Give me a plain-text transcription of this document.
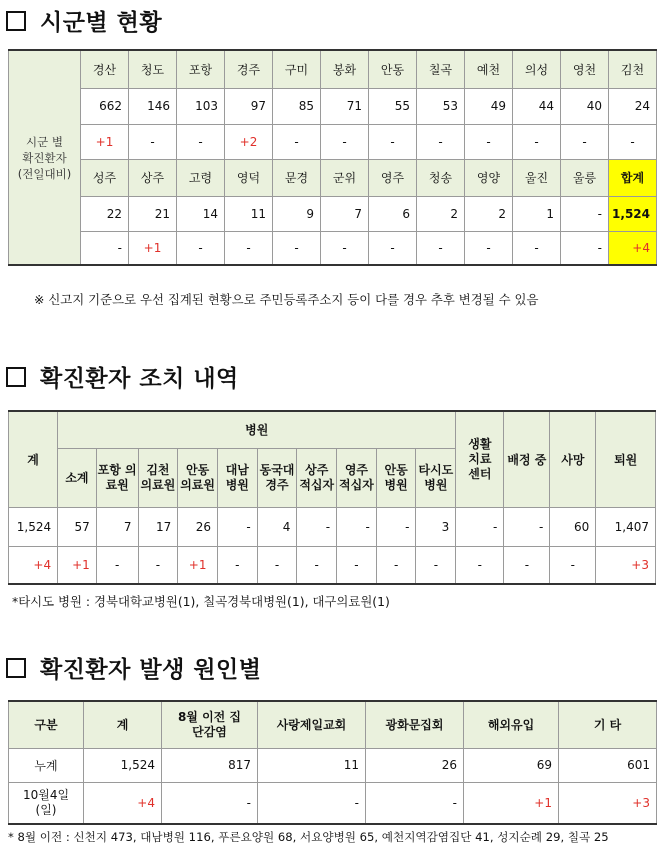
시군별 현황
시군 별
확진환자
(전일대비)	경산	청도	포항	경주	구미	봉화	안동	칠곡	예천	의성	영천	김천
	662	146	103	97	85	71	55	53	49	44	40	24
	+1	-	-	+2	-	-	-	-	-	-	-	-
	성주	상주	고령	영덕	문경	군위	영주	청송	영양	울진	울릉	합계
	22	21	14	11	9	7	6	2	2	1	-	1,524
	-	+1	-	-	-	-	-	-	-	-	-	+4
※ 신고지 기준으로 우선 집계된 현황으로 주민등록주소지 등이 다를 경우 추후 변경될 수 있음
확진환자 조치 내역
계	병원										생활 치료 센터	배정 중	사망	퇴원
	소계	포항 의료원	김천 의료원	안동 의료원	대남 병원	동국대 경주	상주 적십자	영주 적십자	안동 병원	타시도 병원				
1,524	57	7	17	26	-	4	-	-	-	3	-	-	60	1,407
+4	+1	-	-	+1	-	-	-	-	-	-	-	-	-	+3
*타시도 병원 : 경북대학교병원(1), 칠곡경북대병원(1), 대구의료원(1)
확진환자 발생 원인별
구분	계	8월 이전 집단감염	사랑제일교회	광화문집회	해외유입	기 타
누계	1,524	817	11	26	69	601

10월4일 (일)	+4	-	-	-	+1	+3
* 8월 이전 : 신천지 473, 대남병원 116, 푸른요양원 68, 서요양병원 65, 예천지역감염집단 41, 성지순례 29, 칠곡 25
